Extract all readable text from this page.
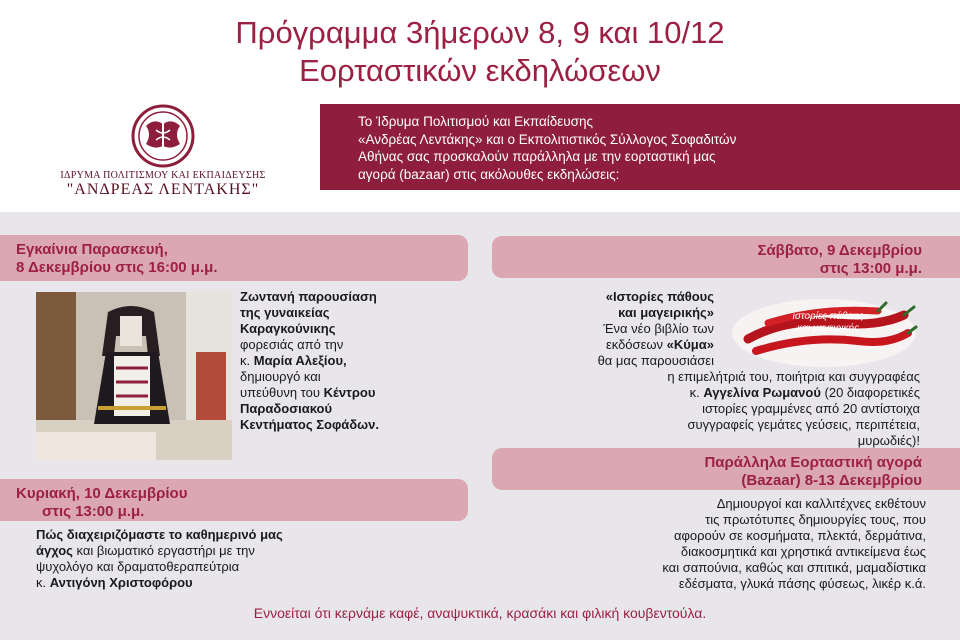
Πρόγραμμα 3ήμερων 8, 9 και 10/12
Εορταστικών εκδηλώσεων
ΙΔΡΥΜΑ ΠΟΛΙΤΙΣΜΟΥ ΚΑΙ ΕΚΠΑΙΔΕΥΣΗΣ
"ΑΝΔΡΕΑΣ ΛΕΝΤΑΚΗΣ"
Το Ίδρυμα Πολιτισμού και Εκπαίδευσης
«Ανδρέας Λεντάκης» και ο Εκπολιτιστικός Σύλλογος Σοφαδιτών
Αθήνας σας προσκαλούν παράλληλα με την εορταστική μας
αγορά (bazaar) στις ακόλουθες εκδηλώσεις:
Εγκαίνια Παρασκευή,
8 Δεκεμβρίου στις 16:00 μ.μ.
Ζωντανή παρουσίαση
της γυναικείας
Καραγκούνικης
φορεσιάς από την
κ. Μαρία Αλεξίου,
δημιουργό και
υπεύθυνη του Κέντρου
Παραδοσιακού
Κεντήματος Σοφάδων.
Κυριακή, 10 Δεκεμβρίου
στις 13:00 μ.μ.
Πώς διαχειριζόμαστε το καθημερινό μας
άγχος και βιωματικό εργαστήρι με την
ψυχολόγο και δραματοθεραπεύτρια
κ. Αντιγόνη Χριστοφόρου
Σάββατο, 9 Δεκεμβρίου
στις 13:00 μ.μ.
ιστορίες πάθους
και μαγειρικής
«Ιστορίες πάθους
και μαγειρικής»
Ένα νέο βιβλίο των
εκδόσεων «Κύμα»
θα μας παρουσιάσει
η επιμελήτριά του, ποιήτρια και συγγραφέας
κ. Αγγελίνα Ρωμανού (20 διαφορετικές
ιστορίες γραμμένες από 20 αντίστοιχα
συγγραφείς γεμάτες γεύσεις, περιπέτεια,
μυρωδιές)!
Παράλληλα Εορταστική αγορά
(Bazaar) 8-13 Δεκεμβρίου
Δημιουργοί και καλλιτέχνες εκθέτουν
τις πρωτότυπες δημιουργίες τους, που
αφορούν σε κοσμήματα, πλεκτά, δερμάτινα,
διακοσμητικά και χρηστικά αντικείμενα έως
και σαπούνια, καθώς και σπιτικά, μαμαδίστικα
εδέσματα, γλυκά πάσης φύσεως, λικέρ κ.ά.
Εννοείται ότι κερνάμε καφέ, αναψυκτικά, κρασάκι και φιλική κουβεντούλα.
